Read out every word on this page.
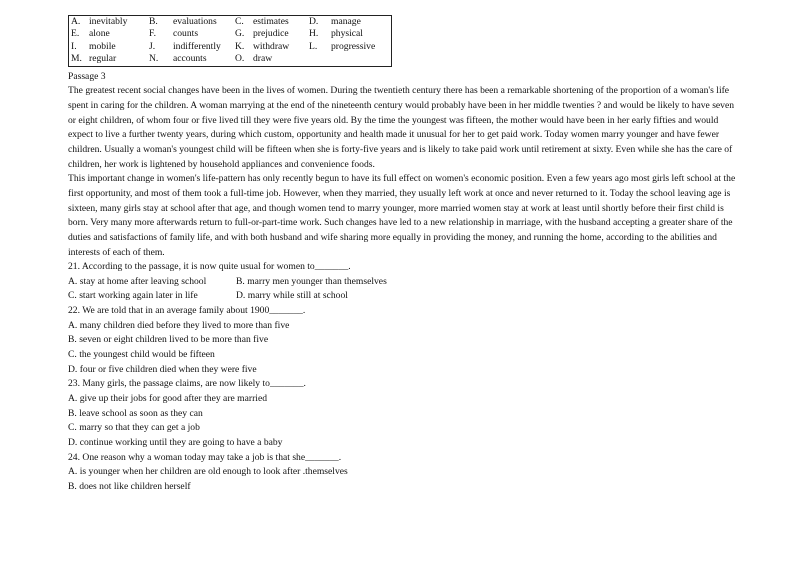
A.	inevitably	B.	evaluations	C.	estimates	D.	manage
E.	alone	F.	counts	G.	prejudice	H.	physical
I.	mobile	J.	indifferently	K.	withdraw	L.	progressive
M.	regular	N.	accounts	O.	draw		

Passage 3

The greatest recent social changes have been in the lives of women. During the twentieth century there has been a remarkable shortening of the proportion of a woman's life spent in caring for the children. A woman marrying at the end of the nineteenth century would probably have been in her middle twenties ? and would be likely to have seven or eight children, of whom four or five lived till they were five years old. By the time the youngest was fifteen, the mother would have been in her early fifties and would expect to live a further twenty years, during which custom, opportunity and health made it unusual for her to get paid work. Today women marry younger and have fewer children. Usually a woman's youngest child will be fifteen when she is forty-five years and is likely to take paid work until retirement at sixty. Even while she has the care of children, her work is lightened by household appliances and convenience foods.

This important change in women's life-pattern has only recently begun to have its full effect on women's economic position. Even a few years ago most girls left school at the first opportunity, and most of them took a full-time job. However, when they married, they usually left work at once and never returned to it. Today the school leaving age is sixteen, many girls stay at school after that age, and though women tend to marry younger, more married women stay at work at least until shortly before their first child is born. Very many more afterwards return to full-or-part-time work. Such changes have led to a new relationship in marriage, with the husband accepting a greater share of the duties and satisfactions of family life, and with both husband and wife sharing more equally in providing the money, and running the home, according to the abilities and interests of each of them.

21. According to the passage, it is now quite usual for women to_______.

A. stay at home after leaving school	B. marry men younger than themselves

C. start working again later in life	D. marry while still at school

22. We are told that in an average family about 1900_______.

A. many children died before they lived to more than five

B. seven or eight children lived to be more than five

C. the youngest child would be fifteen

D. four or five children died when they were five

23. Many girls, the passage claims, are now likely to_______.

A. give up their jobs for good after they are married

B. leave school as soon as they can

C. marry so that they can get a job

D. continue working until they are going to have a baby

24. One reason why a woman today may take a job is that she_______.

A. is younger when her children are old enough to look after .themselves

B. does not like children herself
